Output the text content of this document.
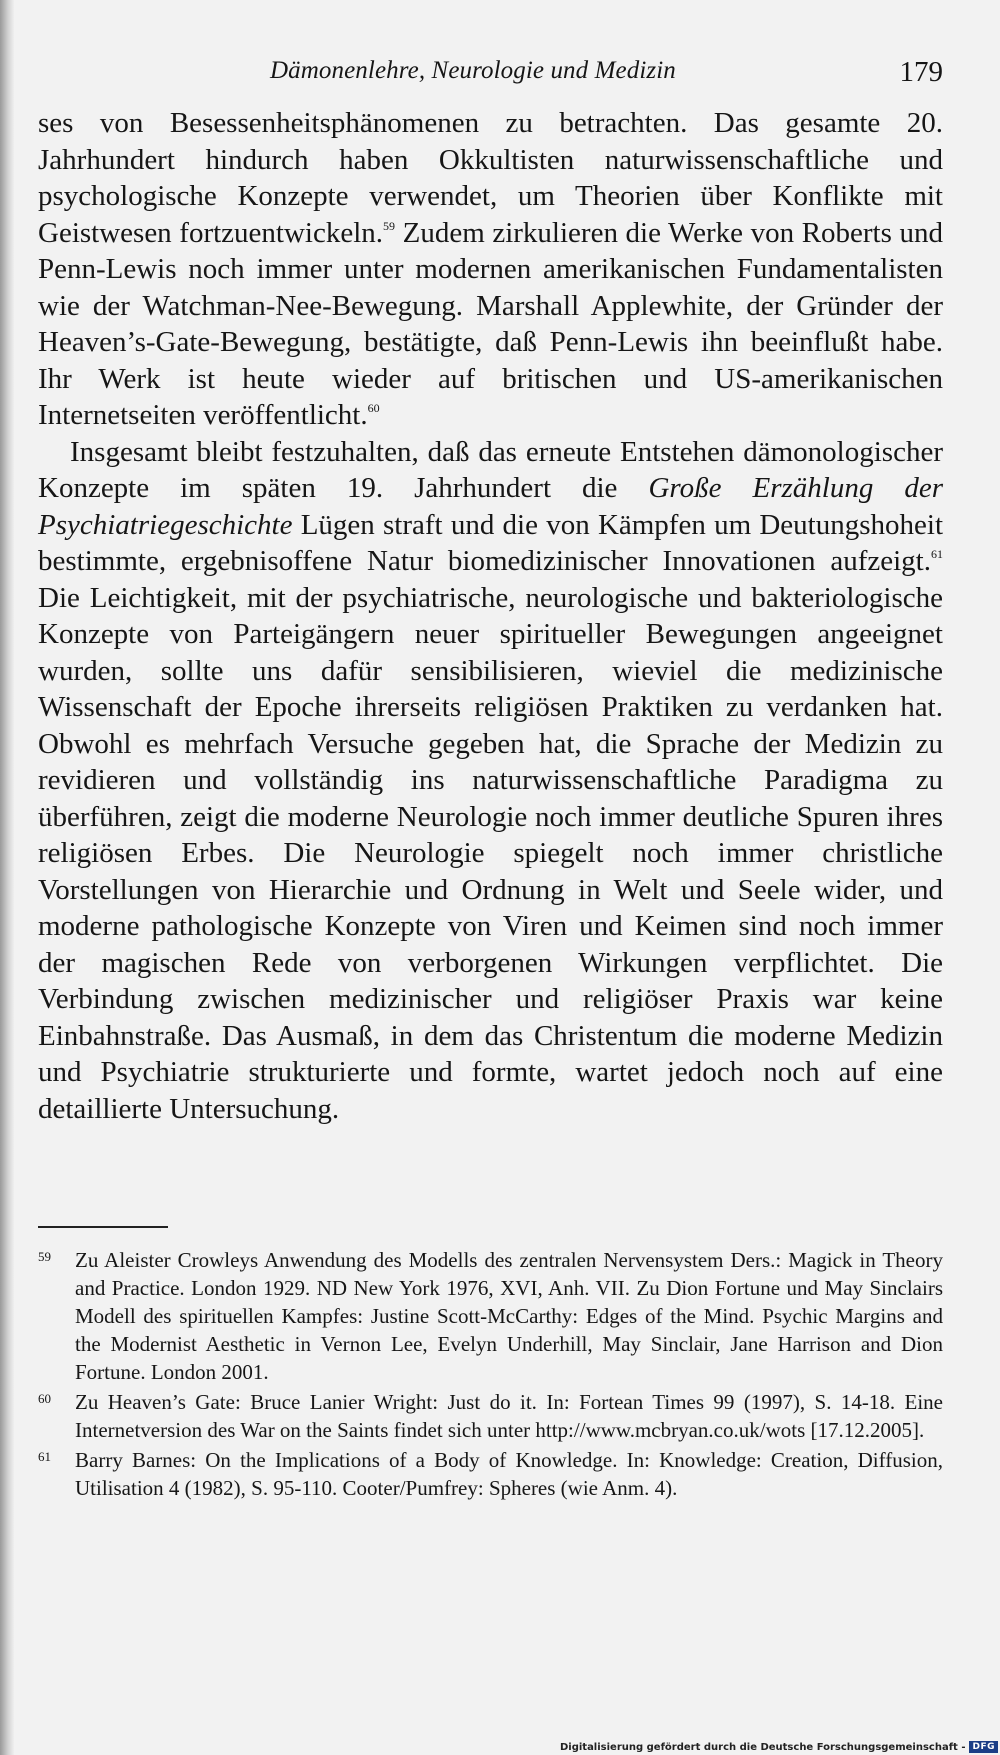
Dämonenlehre, Neurologie und Medizin	179

ses von Besessenheitsphänomenen zu betrachten. Das gesamte 20. Jahrhundert hindurch haben Okkultisten naturwissenschaftliche und psychologische Konzepte verwendet, um Theorien über Konflikte mit Geistwesen fortzuentwickeln.$^{59}$ Zudem zirkulieren die Werke von Roberts und Penn-Lewis noch immer unter modernen amerikanischen Fundamentalisten wie der Watchman-Nee-Bewegung. Marshall Applewhite, der Gründer der Heaven’s-Gate-Bewegung, bestätigte, daß Penn-Lewis ihn beeinflußt habe. Ihr Werk ist heute wieder auf britischen und US-amerikanischen Internetseiten veröffentlicht.$^{60}$

Insgesamt bleibt festzuhalten, daß das erneute Entstehen dämonologischer Konzepte im späten 19. Jahrhundert die Große Erzählung der Psychiatriegeschichte Lügen straft und die von Kämpfen um Deutungshoheit bestimmte, ergebnisoffene Natur biomedizinischer Innovationen aufzeigt.$^{61}$ Die Leichtigkeit, mit der psychiatrische, neurologische und bakteriologische Konzepte von Parteigängern neuer spiritueller Bewegungen angeeignet wurden, sollte uns dafür sensibilisieren, wieviel die medizinische Wissenschaft der Epoche ihrerseits religiösen Praktiken zu verdanken hat. Obwohl es mehrfach Versuche gegeben hat, die Sprache der Medizin zu revidieren und vollständig ins naturwissenschaftliche Paradigma zu überführen, zeigt die moderne Neurologie noch immer deutliche Spuren ihres religiösen Erbes. Die Neurologie spiegelt noch immer christliche Vorstellungen von Hierarchie und Ordnung in Welt und Seele wider, und moderne pathologische Konzepte von Viren und Keimen sind noch immer der magischen Rede von verborgenen Wirkungen verpflichtet. Die Verbindung zwischen medizinischer und religiöser Praxis war keine Einbahnstraße. Das Ausmaß, in dem das Christentum die moderne Medizin und Psychiatrie strukturierte und formte, wartet jedoch noch auf eine detaillierte Untersuchung.

59 Zu Aleister Crowleys Anwendung des Modells des zentralen Nervensystem Ders.: Magick in Theory and Practice. London 1929. ND New York 1976, XVI, Anh. VII. Zu Dion Fortune und May Sinclairs Modell des spirituellen Kampfes: Justine Scott-McCarthy: Edges of the Mind. Psychic Margins and the Modernist Aesthetic in Vernon Lee, Evelyn Underhill, May Sinclair, Jane Harrison and Dion Fortune. London 2001.
60 Zu Heaven’s Gate: Bruce Lanier Wright: Just do it. In: Fortean Times 99 (1997), S. 14-18. Eine Internetversion des War on the Saints findet sich unter http://www.mcbryan.co.uk/wots [17.12.2005].
61 Barry Barnes: On the Implications of a Body of Knowledge. In: Knowledge: Creation, Diffusion, Utilisation 4 (1982), S. 95-110. Cooter/Pumfrey: Spheres (wie Anm. 4).
Digitalisierung gefördert durch die Deutsche Forschungsgemeinschaft - DFG
